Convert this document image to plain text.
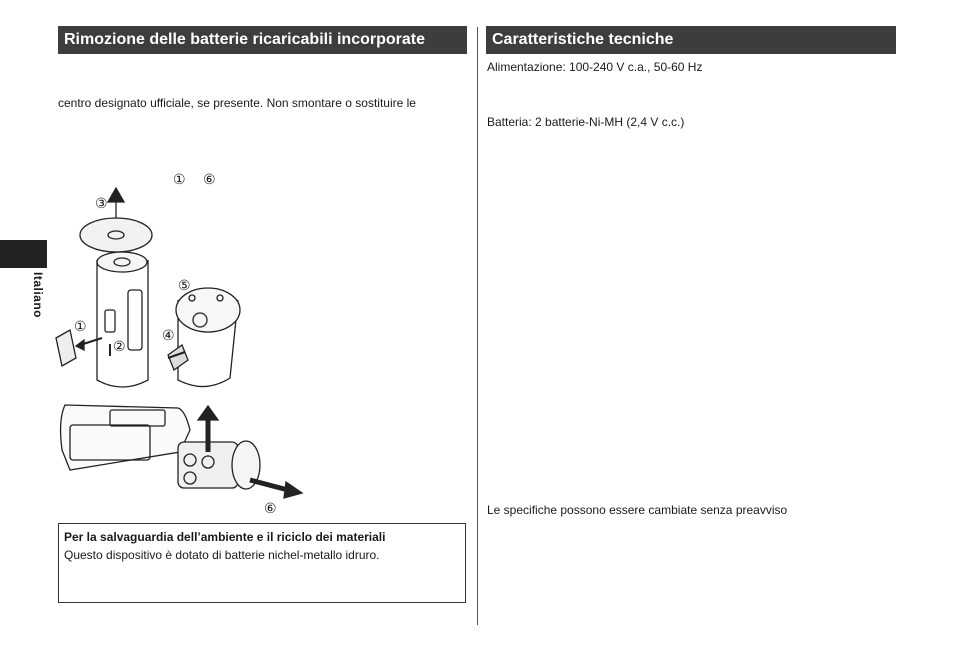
Rimozione delle batterie ricaricabili incorporate	Caratteristiche tecniche
Italiano
centro designato ufficiale, se presente. Non smontare o sostituire le
① ⑥
③
⑤
①
④
②
⑥
Per la salvaguardia dell’ambiente e il riciclo dei materiali
Questo dispositivo è dotato di batterie nichel-metallo idruro.
Alimentazione: 100-240 V c.a., 50-60 Hz
Batteria: 2 batterie-Ni-MH (2,4 V c.c.)
Le specifiche possono essere cambiate senza preavviso
